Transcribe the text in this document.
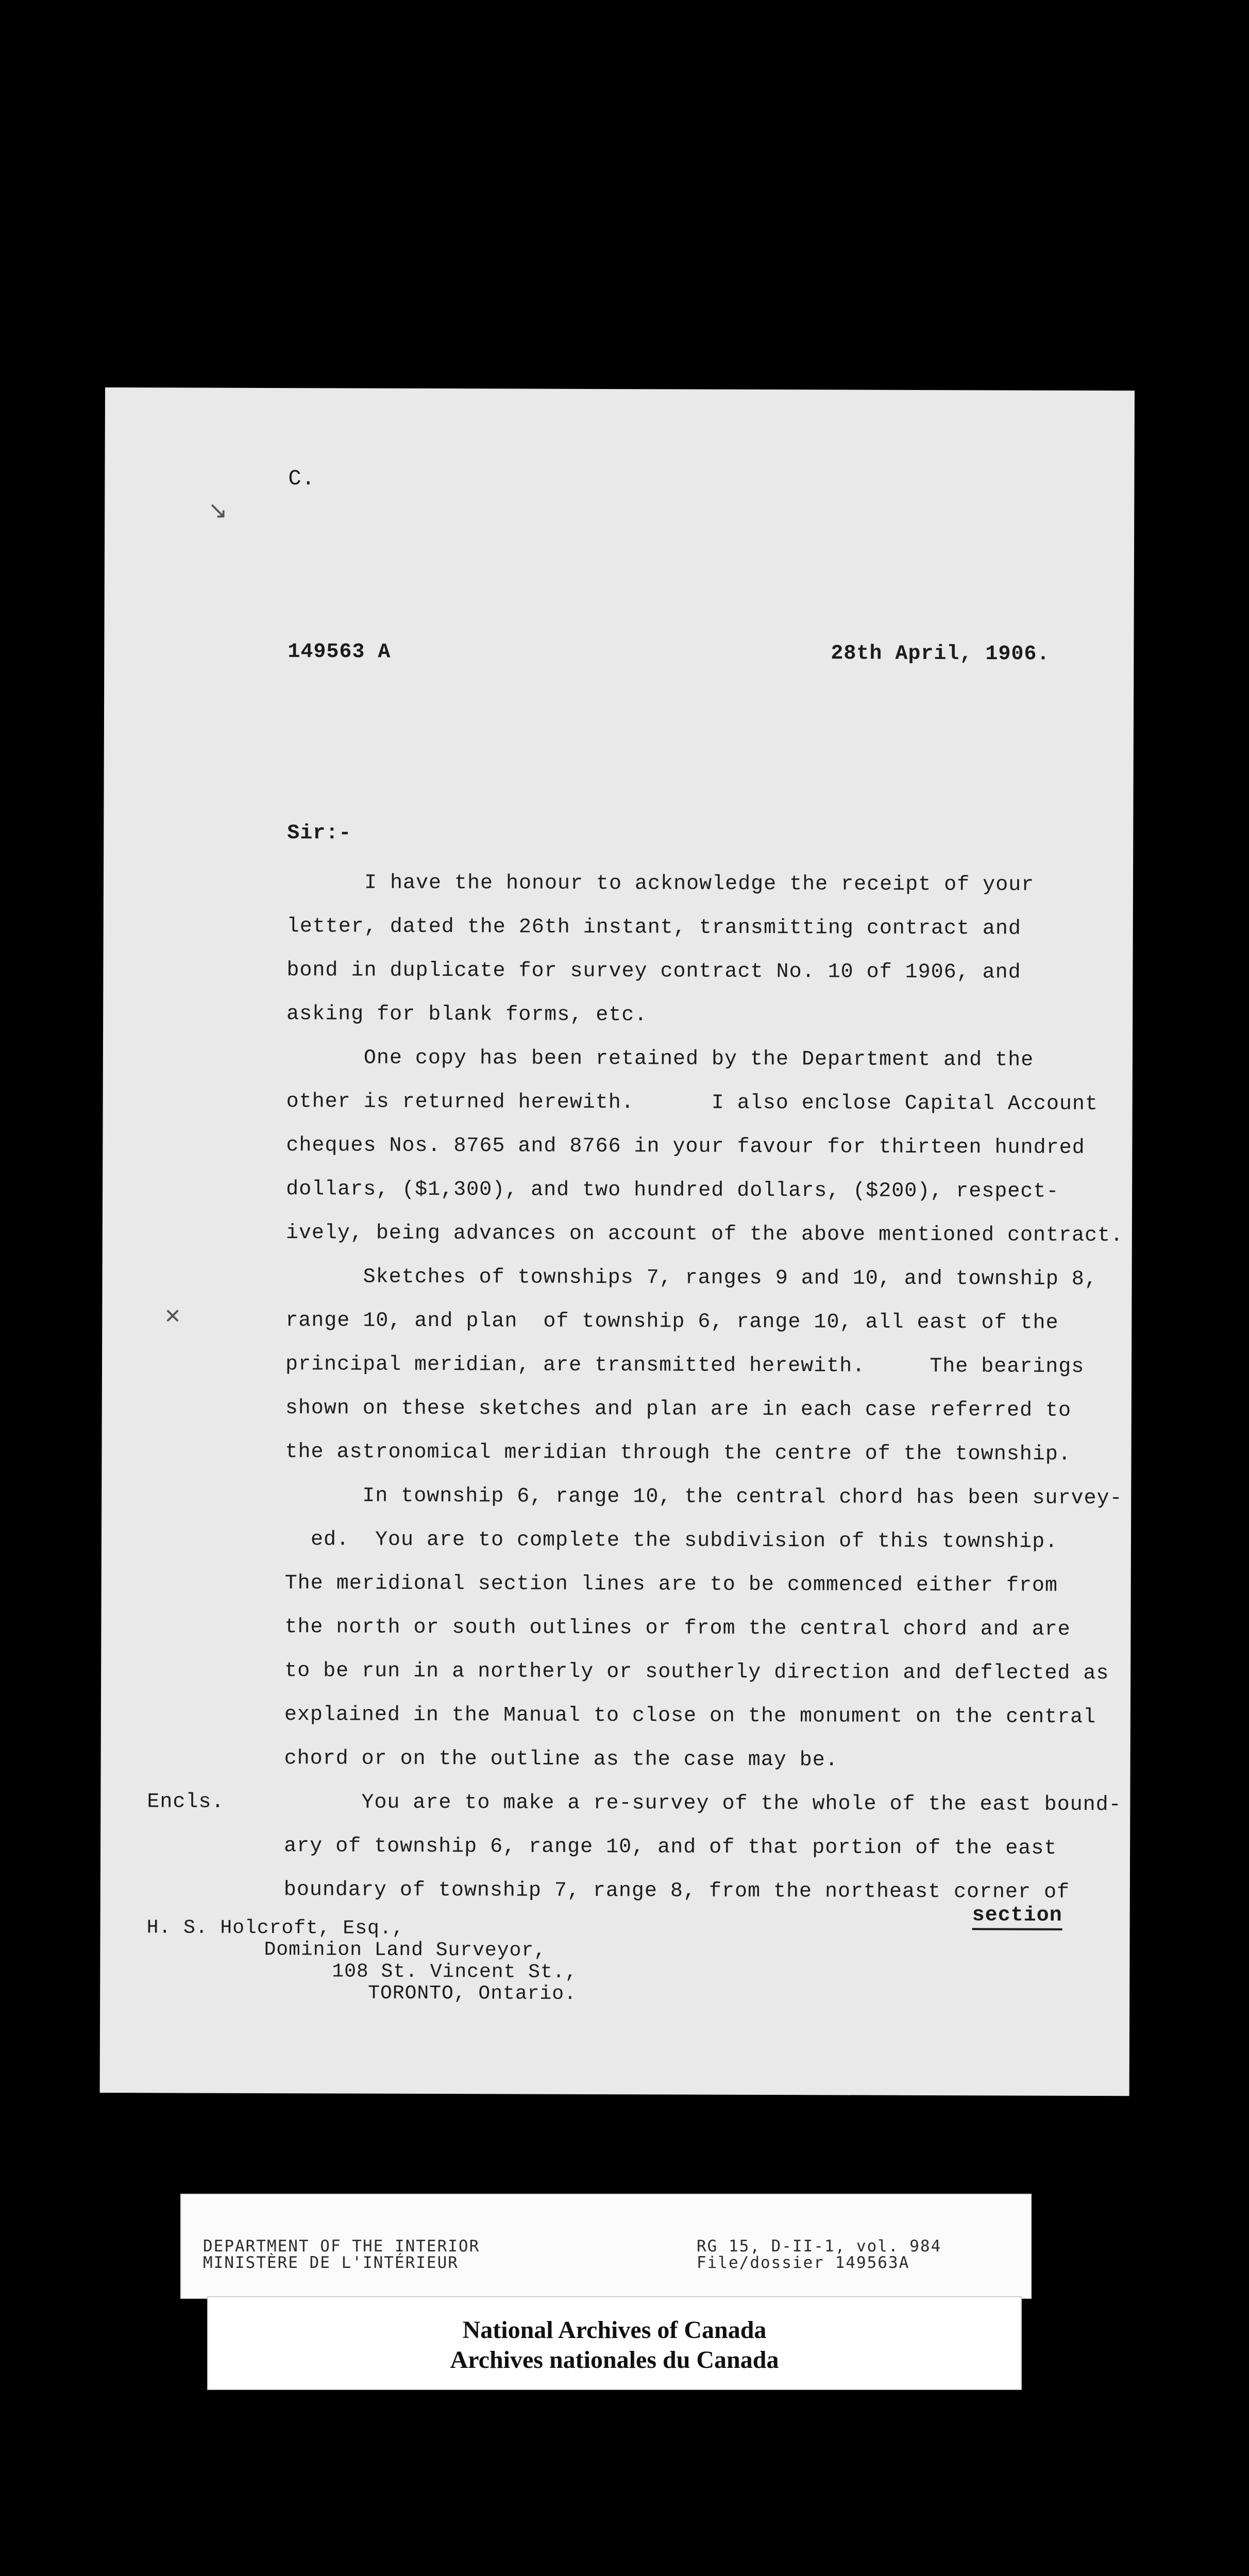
C.
↘
149563 A	28th April, 1906.
Sir:-
I have the honour to acknowledge the receipt of your
letter, dated the 26th instant, transmitting contract and
bond in duplicate for survey contract No. 10 of 1906, and
asking for blank forms, etc.
One copy has been retained by the Department and the
other is returned herewith.      I also enclose Capital Account
cheques Nos. 8765 and 8766 in your favour for thirteen hundred
dollars, ($1,300), and two hundred dollars, ($200), respect-
ively, being advances on account of the above mentioned contract.
Sketches of townships 7, ranges 9 and 10, and township 8,
range 10, and plan  of township 6, range 10, all east of the
principal meridian, are transmitted herewith.     The bearings
shown on these sketches and plan are in each case referred to
the astronomical meridian through the centre of the township.
In township 6, range 10, the central chord has been survey-
ed.  You are to complete the subdivision of this township.
The meridional section lines are to be commenced either from
the north or south outlines or from the central chord and are
to be run in a northerly or southerly direction and deflected as
explained in the Manual to close on the monument on the central
chord or on the outline as the case may be.
You are to make a re-survey of the whole of the east bound-
ary of township 6, range 10, and of that portion of the east
boundary of township 7, range 8, from the northeast corner of
✕
Encls.
section
H. S. Holcroft, Esq.,
Dominion Land Surveyor,
108 St. Vincent St.,
TORONTO, Ontario.
DEPARTMENT OF THE INTERIOR
MINISTÈRE DE L'INTÉRIEUR
RG 15, D-II-1, vol. 984
File/dossier 149563A
National Archives of Canada
Archives nationales du Canada
